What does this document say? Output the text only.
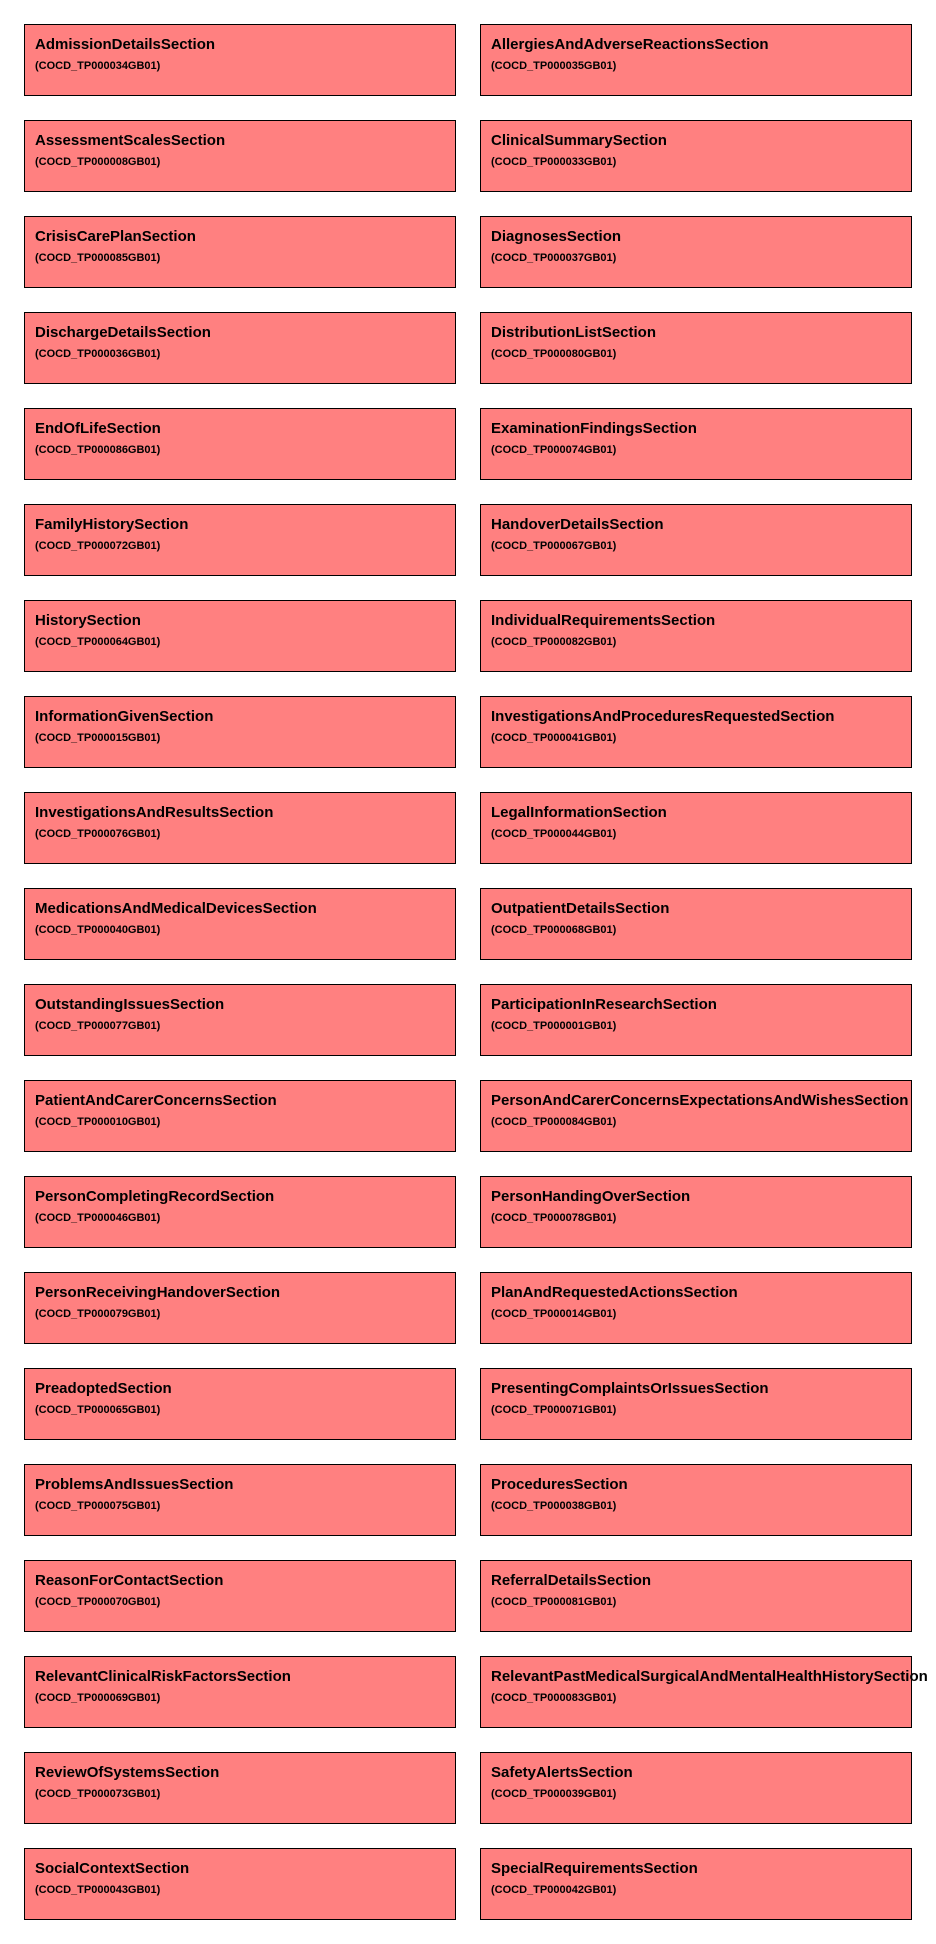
AdmissionDetailsSection
(COCD_TP000034GB01)
AllergiesAndAdverseReactionsSection
(COCD_TP000035GB01)
AssessmentScalesSection
(COCD_TP000008GB01)
ClinicalSummarySection
(COCD_TP000033GB01)
CrisisCarePlanSection
(COCD_TP000085GB01)
DiagnosesSection
(COCD_TP000037GB01)
DischargeDetailsSection
(COCD_TP000036GB01)
DistributionListSection
(COCD_TP000080GB01)
EndOfLifeSection
(COCD_TP000086GB01)
ExaminationFindingsSection
(COCD_TP000074GB01)
FamilyHistorySection
(COCD_TP000072GB01)
HandoverDetailsSection
(COCD_TP000067GB01)
HistorySection
(COCD_TP000064GB01)
IndividualRequirementsSection
(COCD_TP000082GB01)
InformationGivenSection
(COCD_TP000015GB01)
InvestigationsAndProceduresRequestedSection
(COCD_TP000041GB01)
InvestigationsAndResultsSection
(COCD_TP000076GB01)
LegalInformationSection
(COCD_TP000044GB01)
MedicationsAndMedicalDevicesSection
(COCD_TP000040GB01)
OutpatientDetailsSection
(COCD_TP000068GB01)
OutstandingIssuesSection
(COCD_TP000077GB01)
ParticipationInResearchSection
(COCD_TP000001GB01)
PatientAndCarerConcernsSection
(COCD_TP000010GB01)
PersonAndCarerConcernsExpectationsAndWishesSection
(COCD_TP000084GB01)
PersonCompletingRecordSection
(COCD_TP000046GB01)
PersonHandingOverSection
(COCD_TP000078GB01)
PersonReceivingHandoverSection
(COCD_TP000079GB01)
PlanAndRequestedActionsSection
(COCD_TP000014GB01)
PreadoptedSection
(COCD_TP000065GB01)
PresentingComplaintsOrIssuesSection
(COCD_TP000071GB01)
ProblemsAndIssuesSection
(COCD_TP000075GB01)
ProceduresSection
(COCD_TP000038GB01)
ReasonForContactSection
(COCD_TP000070GB01)
ReferralDetailsSection
(COCD_TP000081GB01)
RelevantClinicalRiskFactorsSection
(COCD_TP000069GB01)
RelevantPastMedicalSurgicalAndMentalHealthHistorySection
(COCD_TP000083GB01)
ReviewOfSystemsSection
(COCD_TP000073GB01)
SafetyAlertsSection
(COCD_TP000039GB01)
SocialContextSection
(COCD_TP000043GB01)
SpecialRequirementsSection
(COCD_TP000042GB01)
